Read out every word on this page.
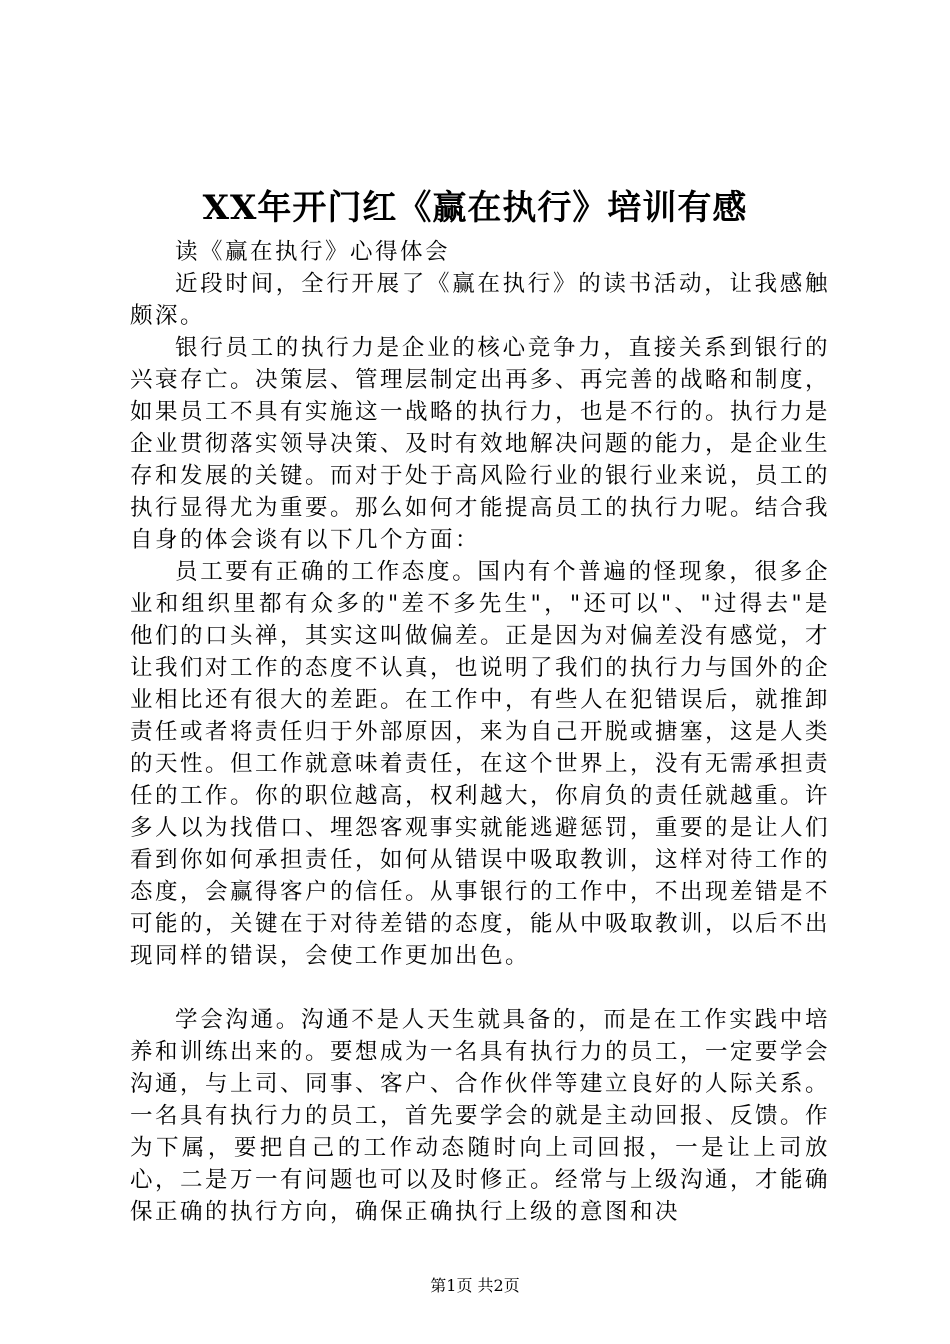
XX年开门红《赢在执行》培训有感

读《赢在执行》心得体会

近段时间，全行开展了《赢在执行》的读书活动，让我感触颇深。

银行员工的执行力是企业的核心竞争力，直接关系到银行的兴衰存亡。决策层、管理层制定出再多、再完善的战略和制度，如果员工不具有实施这一战略的执行力，也是不行的。执行力是企业贯彻落实领导决策、及时有效地解决问题的能力，是企业生存和发展的关键。而对于处于高风险行业的银行业来说，员工的执行显得尤为重要。那么如何才能提高员工的执行力呢。结合我自身的体会谈有以下几个方面：

员工要有正确的工作态度。国内有个普遍的怪现象，很多企业和组织里都有众多的"差不多先生"，"还可以"、"过得去"是他们的口头禅，其实这叫做偏差。正是因为对偏差没有感觉，才让我们对工作的态度不认真，也说明了我们的执行力与国外的企业相比还有很大的差距。在工作中，有些人在犯错误后，就推卸责任或者将责任归于外部原因，来为自己开脱或搪塞，这是人类的天性。但工作就意味着责任，在这个世界上，没有无需承担责任的工作。你的职位越高，权利越大，你肩负的责任就越重。许多人以为找借口、埋怨客观事实就能逃避惩罚，重要的是让人们看到你如何承担责任，如何从错误中吸取教训，这样对待工作的态度，会赢得客户的信任。从事银行的工作中，不出现差错是不可能的，关键在于对待差错的态度，能从中吸取教训，以后不出现同样的错误，会使工作更加出色。

学会沟通。沟通不是人天生就具备的，而是在工作实践中培养和训练出来的。要想成为一名具有执行力的员工，一定要学会沟通，与上司、同事、客户、合作伙伴等建立良好的人际关系。一名具有执行力的员工，首先要学会的就是主动回报、反馈。作为下属，要把自己的工作动态随时向上司回报，一是让上司放心，二是万一有问题也可以及时修正。经常与上级沟通，才能确保正确的执行方向，确保正确执行上级的意图和决

第1页 共2页
